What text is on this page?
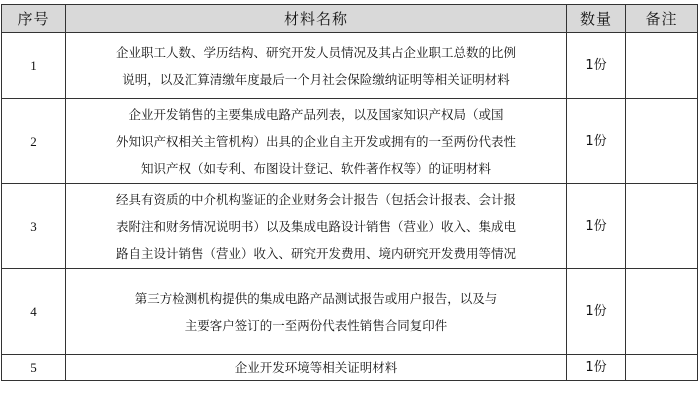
序号	材料名称	数量	备注
1	企业职工人数、学历结构、研究开发人员情况及其占企业职工总数的比例
说明，以及汇算清缴年度最后一个月社会保险缴纳证明等相关证明材料	1份	
2	企业开发销售的主要集成电路产品列表，以及国家知识产权局（或国
外知识产权相关主管机构）出具的企业自主开发或拥有的一至两份代表性
知识产权（如专利、布图设计登记、软件著作权等）的证明材料	1份	
3	经具有资质的中介机构鉴证的企业财务会计报告（包括会计报表、会计报
表附注和财务情况说明书）以及集成电路设计销售（营业）收入、集成电
路自主设计销售（营业）收入、研究开发费用、境内研究开发费用等情况	1份	
4	第三方检测机构提供的集成电路产品测试报告或用户报告，以及与
主要客户签订的一至两份代表性销售合同复印件	1份	
5	企业开发环境等相关证明材料	1份	
